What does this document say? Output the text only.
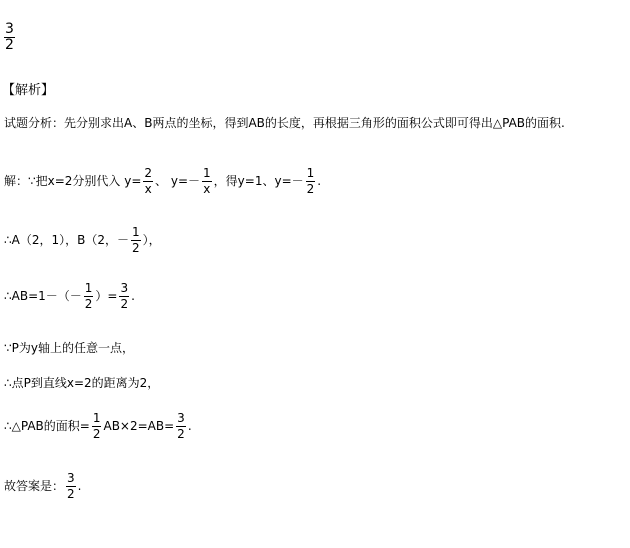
$\frac{3}{2}$
【解析】
试题分析：先分别求出A、B两点的坐标，得到AB的长度，再根据三角形的面积公式即可得出△PAB的面积.
解：∵把x=2分别代入 $y= \frac{2}{x}$ 、 $y=- \frac{1}{x}$ ，得y=1、$y=- \frac{1}{2}$ .
∴A（2，1），B（2，－ $\frac{1}{2}$ ），
∴AB=1－（－ $\frac{1}{2}$ ）= $\frac{3}{2}$ .
∵P为y轴上的任意一点，
∴点P到直线x=2的距离为2，
∴△PAB的面积= $\frac{1}{2} AB\times 2=AB= \frac{3}{2}$ .
故答案是： $\frac{3}{2}$ .
